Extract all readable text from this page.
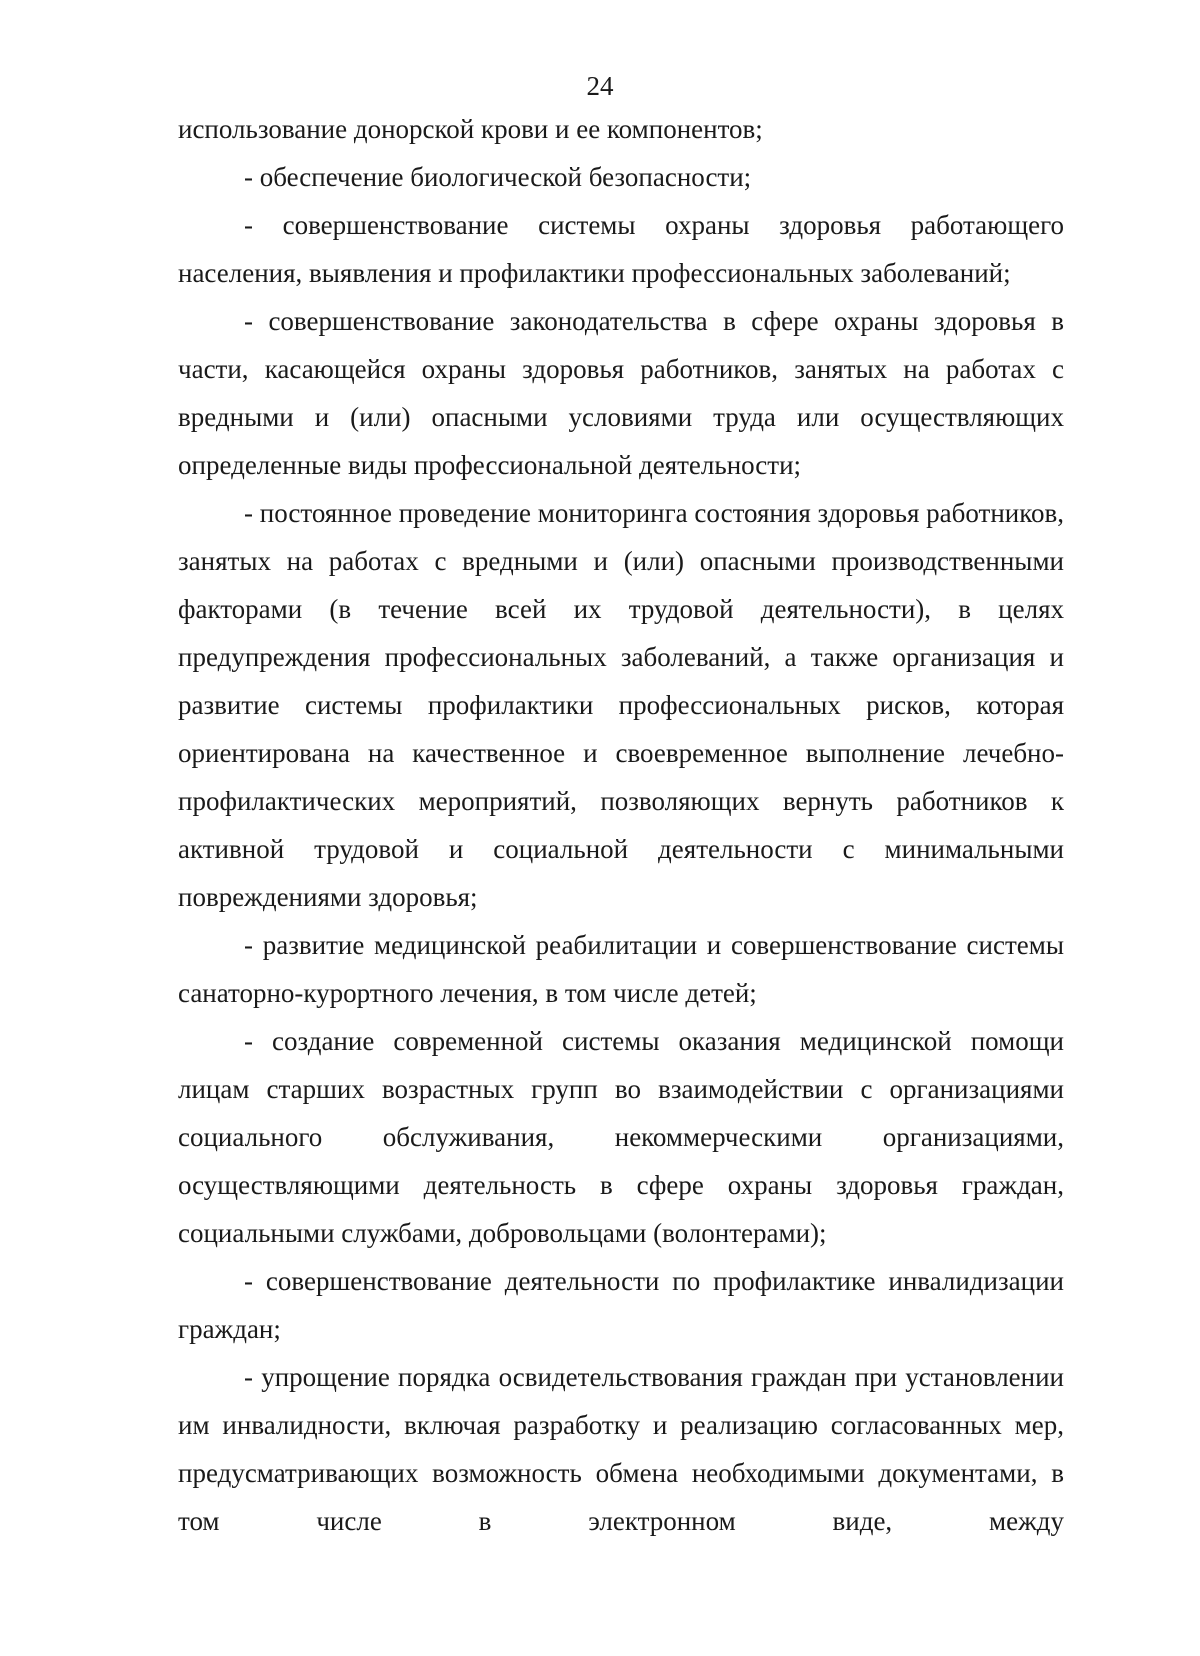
24

использование донорской крови и ее компонентов;

- обеспечение биологической безопасности;

- совершенствование системы охраны здоровья работающего населения, выявления и профилактики профессиональных заболеваний;

- совершенствование законодательства в сфере охраны здоровья в части, касающейся охраны здоровья работников, занятых на работах с вредными и (или) опасными условиями труда или осуществляющих определенные виды профессиональной деятельности;

- постоянное проведение мониторинга состояния здоровья работников, занятых на работах с вредными и (или) опасными производственными факторами (в течение всей их трудовой деятельности), в целях предупреждения профессиональных заболеваний, а также организация и развитие системы профилактики профессиональных рисков, которая ориентирована на качественное и своевременное выполнение лечебно-профилактических мероприятий, позволяющих вернуть работников к активной трудовой и социальной деятельности с минимальными повреждениями здоровья;

- развитие медицинской реабилитации и совершенствование системы санаторно-курортного лечения, в том числе детей;

- создание современной системы оказания медицинской помощи лицам старших возрастных групп во взаимодействии с организациями социального обслуживания, некоммерческими организациями, осуществляющими деятельность в сфере охраны здоровья граждан, социальными службами, добровольцами (волонтерами);

- совершенствование деятельности по профилактике инвалидизации граждан;

- упрощение порядка освидетельствования граждан при установлении им инвалидности, включая разработку и реализацию согласованных мер, предусматривающих возможность обмена необходимыми документами, в том числе в электронном виде, между
